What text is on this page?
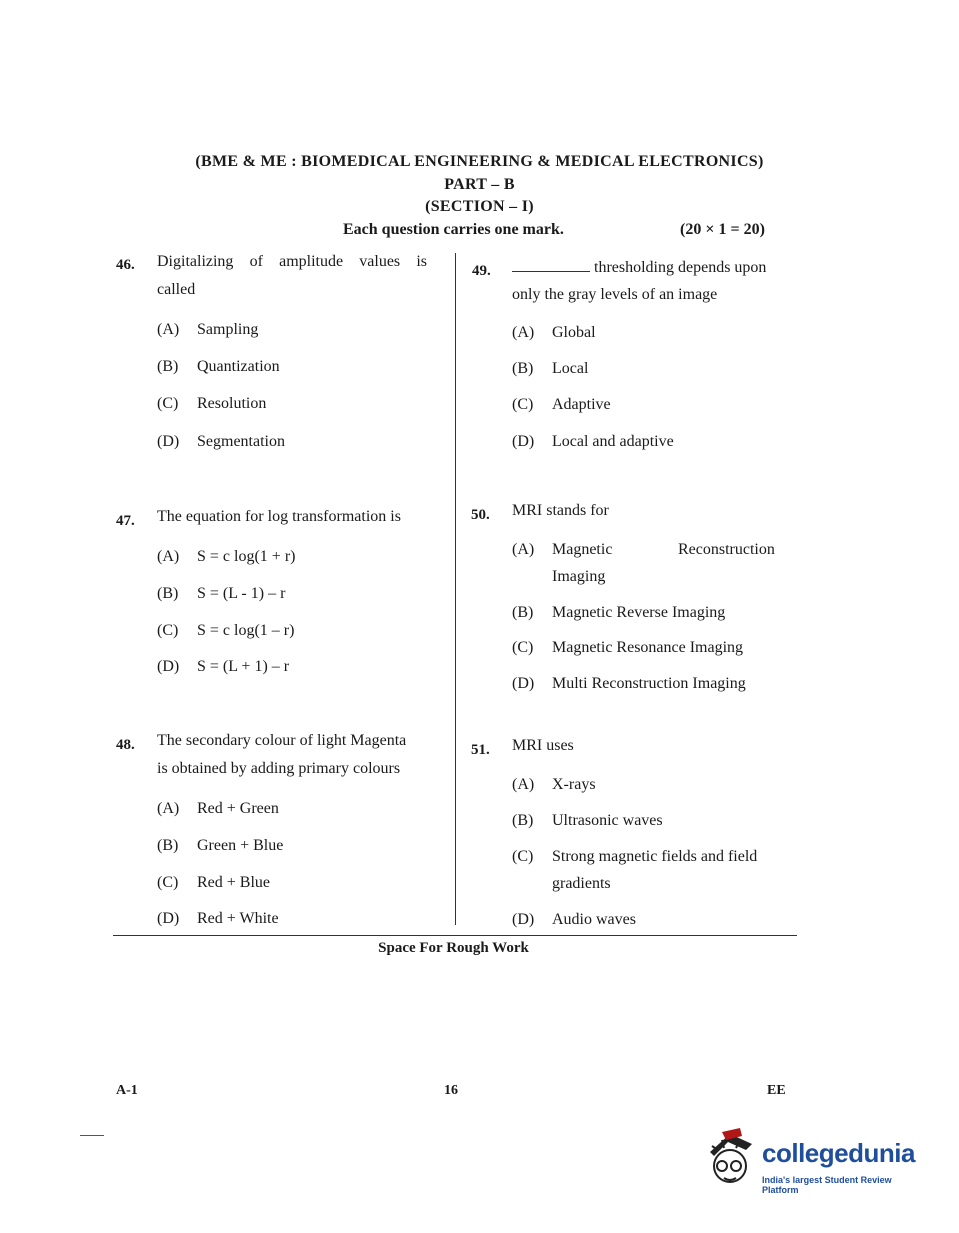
(BME & ME : BIOMEDICAL ENGINEERING & MEDICAL ELECTRONICS)
PART – B
(SECTION – I)
Each question carries one mark.	(20 × 1 = 20)
46. Digitalizing of amplitude values is
called
(A) Sampling
(B) Quantization
(C) Resolution
(D) Segmentation
47. The equation for log transformation is
(A) S = c log(1 + r)
(B) S = (L - 1) – r
(C) S = c log(1 – r)
(D) S = (L + 1) – r
48. The secondary colour of light Magenta
is obtained by adding primary colours
(A) Red + Green
(B) Green + Blue
(C) Red + Blue
(D) Red + White
49.	thresholding depends upon
only the gray levels of an image
(A) Global
(B) Local
(C) Adaptive
(D) Local and adaptive
50. MRI stands for
(A) Magnetic	Reconstruction
Imaging
(B) Magnetic Reverse Imaging
(C) Magnetic Resonance Imaging
(D) Multi Reconstruction Imaging
51. MRI uses
(A) X-rays
(B) Ultrasonic waves
(C) Strong magnetic fields and field
gradients
(D) Audio waves
Space For Rough Work
A-1	16	EE
collegedunia
India's largest Student Review Platform
